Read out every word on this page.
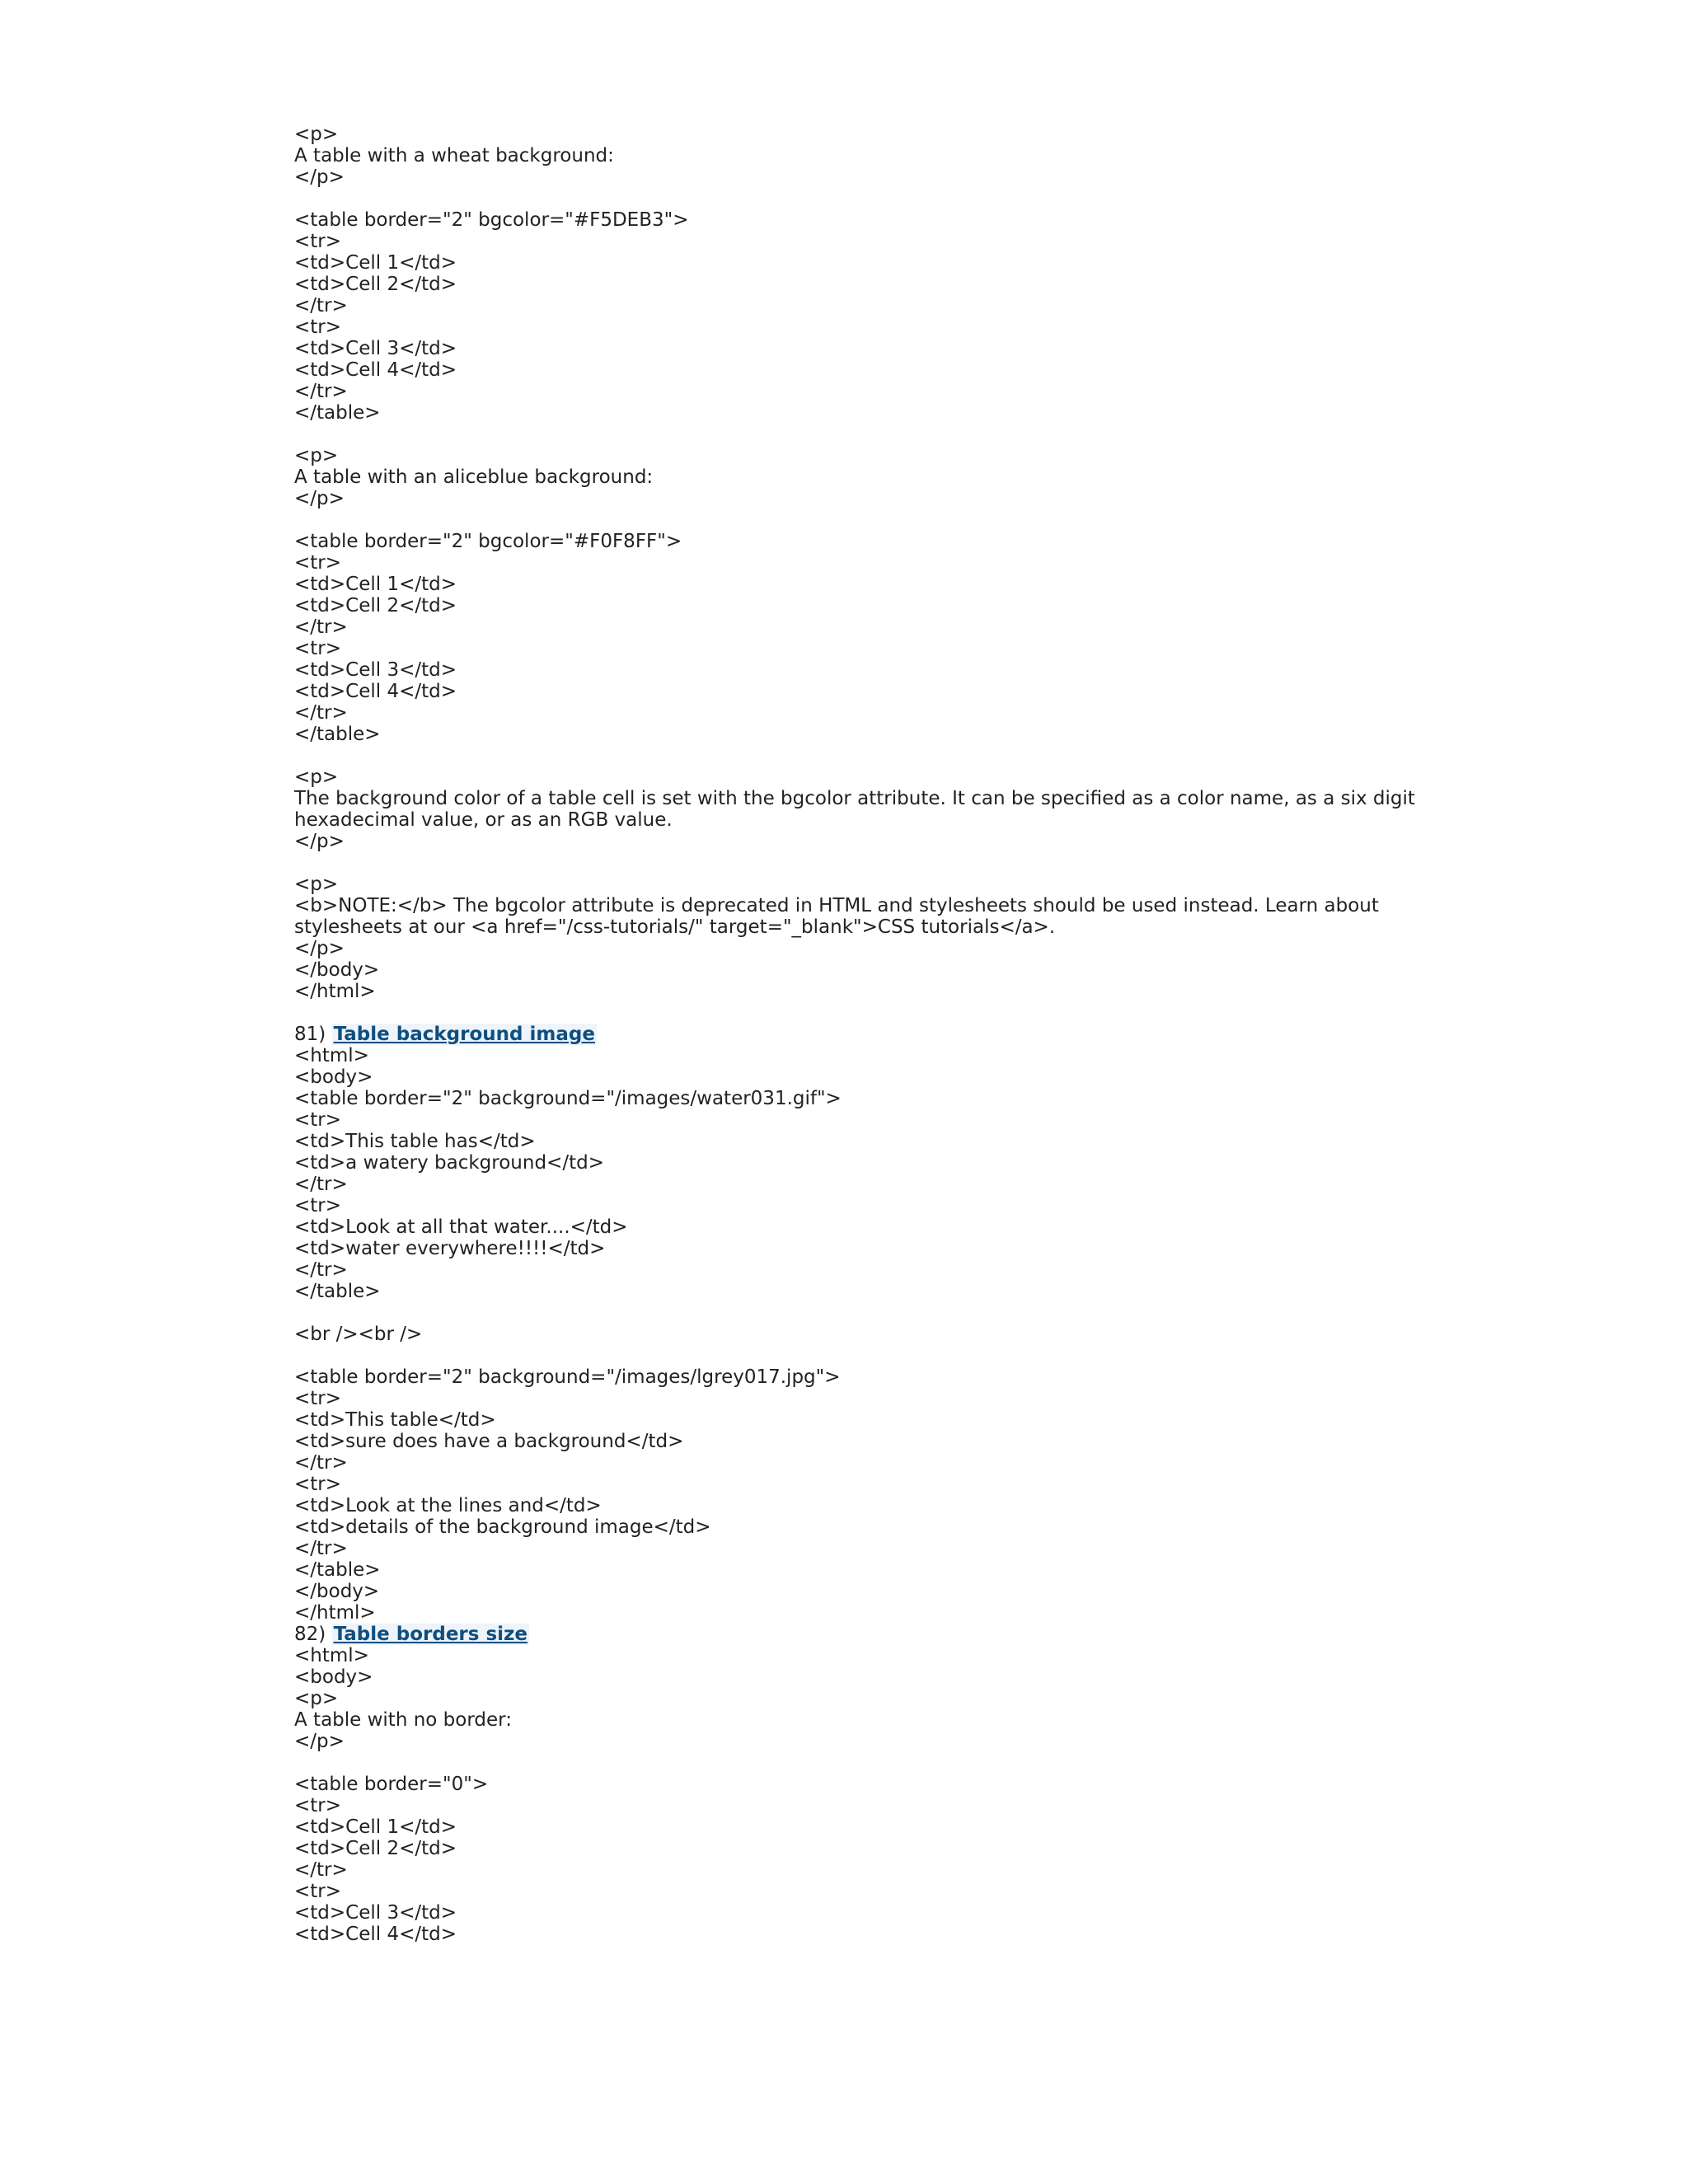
<p>
A table with a wheat background:
</p>
<table border="2" bgcolor="#F5DEB3">
<tr>
<td>Cell 1</td>
<td>Cell 2</td>
</tr>
<tr>
<td>Cell 3</td>
<td>Cell 4</td>
</tr>
</table>
<p>
A table with an aliceblue background:
</p>
<table border="2" bgcolor="#F0F8FF">
<tr>
<td>Cell 1</td>
<td>Cell 2</td>
</tr>
<tr>
<td>Cell 3</td>
<td>Cell 4</td>
</tr>
</table>
<p>
The background color of a table cell is set with the bgcolor attribute. It can be specified as a color name, as a six digit hexadecimal value, or as an RGB value.
</p>
<p>
<b>NOTE:</b> The bgcolor attribute is deprecated in HTML and stylesheets should be used instead. Learn about stylesheets at our <a href="/css-tutorials/" target="_blank">CSS tutorials</a>.
</p>
</body>
</html>
81) Table background image
<html>
<body>
<table border="2" background="/images/water031.gif">
<tr>
<td>This table has</td>
<td>a watery background</td>
</tr>
<tr>
<td>Look at all that water....</td>
<td>water everywhere!!!!</td>
</tr>
</table>
<br /><br />
<table border="2" background="/images/lgrey017.jpg">
<tr>
<td>This table</td>
<td>sure does have a background</td>
</tr>
<tr>
<td>Look at the lines and</td>
<td>details of the background image</td>
</tr>
</table>
</body>
</html>
82) Table borders size
<html>
<body>
<p>
A table with no border:
</p>
<table border="0">
<tr>
<td>Cell 1</td>
<td>Cell 2</td>
</tr>
<tr>
<td>Cell 3</td>
<td>Cell 4</td>
